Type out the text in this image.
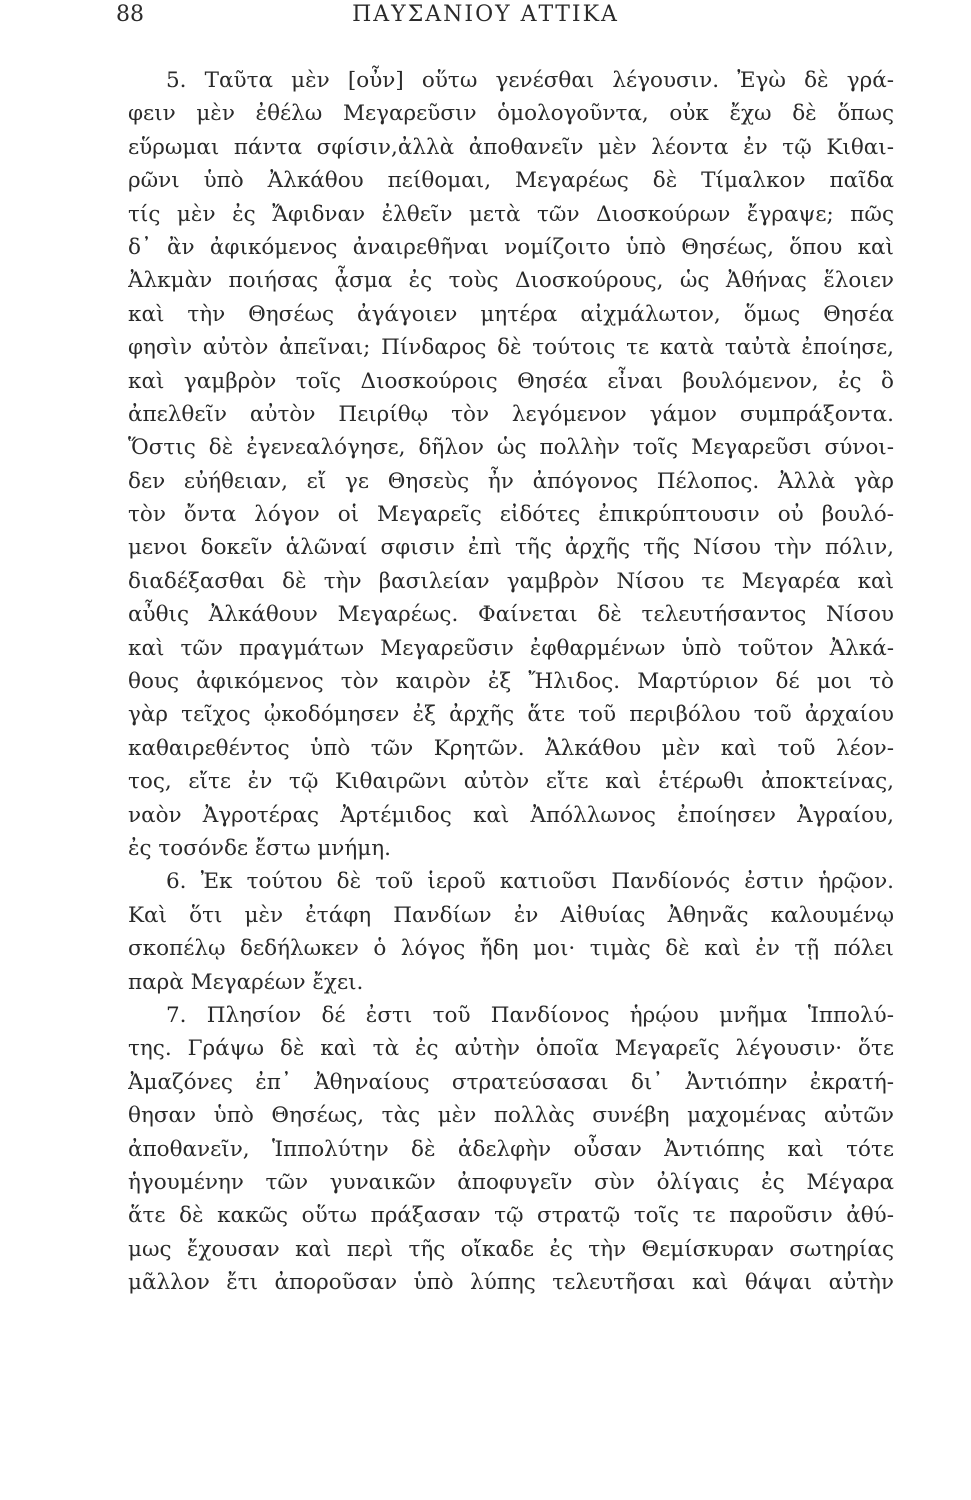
88	ΠΑΥΣΑΝΙΟΥ ΑΤΤΙΚΑ
5. Ταῦτα μὲν [οὖν] οὕτω γενέσθαι λέγουσιν. Ἐγὼ δὲ γρά-
φειν μὲν ἐθέλω Μεγαρεῦσιν ὁμολογοῦντα, οὐκ ἔχω δὲ ὅπως
εὕρωμαι πάντα σφίσιν,ἀλλὰ ἀποθανεῖν μὲν λέοντα ἐν τῷ Κιθαι-
ρῶνι ὑπὸ Ἀλκάθου πείθομαι, Μεγαρέως δὲ Τίμαλκον παῖδα
τίς μὲν ἐς Ἄφιδναν ἐλθεῖν μετὰ τῶν Διοσκούρων ἔγραψε; πῶς
δ᾽ ἂν ἀφικόμενος ἀναιρεθῆναι νομίζοιτο ὑπὸ Θησέως, ὅπου καὶ
Ἀλκμὰν ποιήσας ᾆσμα ἐς τοὺς Διοσκούρους, ὡς Ἀθήνας ἕλοιεν
καὶ τὴν Θησέως ἀγάγοιεν μητέρα αἰχμάλωτον, ὅμως Θησέα
φησὶν αὐτὸν ἀπεῖναι; Πίνδαρος δὲ τούτοις τε κατὰ ταὐτὰ ἐποίησε,
καὶ γαμβρὸν τοῖς Διοσκούροις Θησέα εἶναι βουλόμενον, ἐς ὃ
ἀπελθεῖν αὐτὸν Πειρίθῳ τὸν λεγόμενον γάμον συμπράξοντα.
Ὅστις δὲ ἐγενεαλόγησε, δῆλον ὡς πολλὴν τοῖς Μεγαρεῦσι σύνοι-
δεν εὐήθειαν, εἴ γε Θησεὺς ἦν ἀπόγονος Πέλοπος. Ἀλλὰ γὰρ
τὸν ὄντα λόγον οἱ Μεγαρεῖς εἰδότες ἐπικρύπτουσιν οὐ βουλό-
μενοι δοκεῖν ἁλῶναί σφισιν ἐπὶ τῆς ἀρχῆς τῆς Νίσου τὴν πόλιν,
διαδέξασθαι δὲ τὴν βασιλείαν γαμβρὸν Νίσου τε Μεγαρέα καὶ
αὖθις Ἀλκάθουν Μεγαρέως. Φαίνεται δὲ τελευτήσαντος Νίσου
καὶ τῶν πραγμάτων Μεγαρεῦσιν ἐφθαρμένων ὑπὸ τοῦτον Ἀλκά-
θους ἀφικόμενος τὸν καιρὸν ἐξ Ἤλιδος. Μαρτύριον δέ μοι τὸ
γὰρ τεῖχος ᾠκοδόμησεν ἐξ ἀρχῆς ἅτε τοῦ περιβόλου τοῦ ἀρχαίου
καθαιρεθέντος ὑπὸ τῶν Κρητῶν. Ἀλκάθου μὲν καὶ τοῦ λέον-
τος, εἴτε ἐν τῷ Κιθαιρῶνι αὐτὸν εἴτε καὶ ἑτέρωθι ἀποκτείνας,
ναὸν Ἀγροτέρας Ἀρτέμιδος καὶ Ἀπόλλωνος ἐποίησεν Ἀγραίου,
ἐς τοσόνδε ἔστω μνήμη.
6. Ἐκ τούτου δὲ τοῦ ἱεροῦ κατιοῦσι Πανδίονός ἐστιν ἡρῷον.
Καὶ ὅτι μὲν ἐτάφη Πανδίων ἐν Αἰθυίας Ἀθηνᾶς καλουμένῳ
σκοπέλῳ δεδήλωκεν ὁ λόγος ἤδη μοι· τιμὰς δὲ καὶ ἐν τῇ πόλει
παρὰ Μεγαρέων ἔχει.
7. Πλησίον δέ ἐστι τοῦ Πανδίονος ἡρῴου μνῆμα Ἱππολύ-
της. Γράψω δὲ καὶ τὰ ἐς αὐτὴν ὁποῖα Μεγαρεῖς λέγουσιν· ὅτε
Ἀμαζόνες ἐπ᾽ Ἀθηναίους στρατεύσασαι δι᾽ Ἀντιόπην ἐκρατή-
θησαν ὑπὸ Θησέως, τὰς μὲν πολλὰς συνέβη μαχομένας αὐτῶν
ἀποθανεῖν, Ἱππολύτην δὲ ἀδελφὴν οὖσαν Ἀντιόπης καὶ τότε
ἡγουμένην τῶν γυναικῶν ἀποφυγεῖν σὺν ὀλίγαις ἐς Μέγαρα
ἅτε δὲ κακῶς οὕτω πράξασαν τῷ στρατῷ τοῖς τε παροῦσιν ἀθύ-
μως ἔχουσαν καὶ περὶ τῆς οἴκαδε ἐς τὴν Θεμίσκυραν σωτηρίας
μᾶλλον ἔτι ἀποροῦσαν ὑπὸ λύπης τελευτῆσαι καὶ θάψαι αὐτὴν
